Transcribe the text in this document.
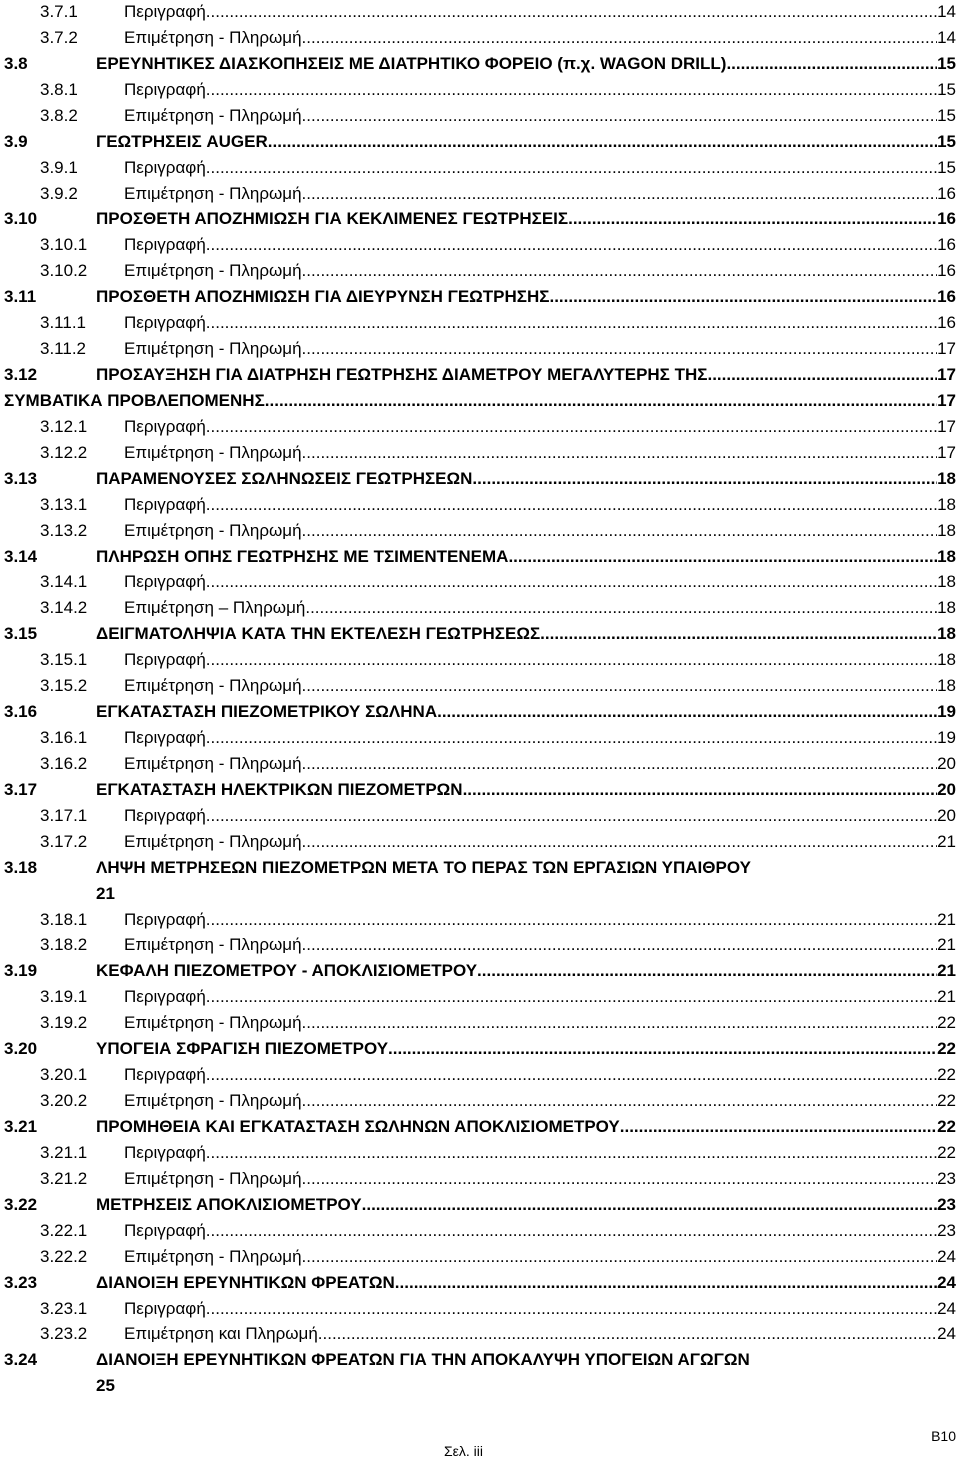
3.7.1	Περιγραφή .....	14
3.7.2	Επιμέτρηση - Πληρωμή .....	14
3.8	ΕΡΕΥΝΗΤΙΚΕΣ ΔΙΑΣΚΟΠΗΣΕΙΣ ΜΕ ΔΙΑΤΡΗΤΙΚΟ ΦΟΡΕΙΟ (π.χ. WAGON DRILL) .....	15
3.8.1	Περιγραφή .....	15
3.8.2	Επιμέτρηση - Πληρωμή .....	15
3.9	ΓΕΩΤΡΗΣΕΙΣ AUGER .....	15
3.9.1	Περιγραφή .....	15
3.9.2	Επιμέτρηση - Πληρωμή .....	16
3.10	ΠΡΟΣΘΕΤΗ ΑΠΟΖΗΜΙΩΣΗ ΓΙΑ ΚΕΚΛΙΜΕΝΕΣ ΓΕΩΤΡΗΣΕΙΣ .....	16
3.10.1 Περιγραφή .....	16
3.10.2 Επιμέτρηση - Πληρωμή .....	16
3.11	ΠΡΟΣΘΕΤΗ ΑΠΟΖΗΜΙΩΣΗ ΓΙΑ ΔΙΕΥΡΥΝΣΗ ΓΕΩΤΡΗΣΗΣ .....	16
3.11.1 Περιγραφή .....	16
3.11.2 Επιμέτρηση - Πληρωμή .....	17
3.12	ΠΡΟΣΑΥΞΗΣΗ ΓΙΑ ΔΙΑΤΡΗΣΗ ΓΕΩΤΡΗΣΗΣ ΔΙΑΜΕΤΡΟΥ ΜΕΓΑΛΥΤΕΡΗΣ ΤΗΣ .....	17
ΣΥΜΒΑΤΙΚΑ ΠΡΟΒΛΕΠΟΜΕΝΗΣ .....	17
3.12.1 Περιγραφή .....	17
3.12.2 Επιμέτρηση - Πληρωμή .....	17
3.13	ΠΑΡΑΜΕΝΟΥΣΕΣ ΣΩΛΗΝΩΣΕΙΣ ΓΕΩΤΡΗΣΕΩΝ .....	18
3.13.1 Περιγραφή .....	18
3.13.2 Επιμέτρηση - Πληρωμή .....	18
3.14	ΠΛΗΡΩΣΗ ΟΠΗΣ ΓΕΩΤΡΗΣΗΣ ΜΕ ΤΣΙΜΕΝΤΕΝΕΜΑ .....	18
3.14.1 Περιγραφή .....	18
3.14.2 Επιμέτρηση – Πληρωμή .....	18
3.15	ΔΕΙΓΜΑΤΟΛΗΨΙΑ ΚΑΤΑ ΤΗΝ ΕΚΤΕΛΕΣΗ ΓΕΩΤΡΗΣΕΩΣ .....	18
3.15.1 Περιγραφή .....	18
3.15.2 Επιμέτρηση - Πληρωμή .....	18
3.16	ΕΓΚΑΤΑΣΤΑΣΗ ΠΙΕΖΟΜΕΤΡΙΚΟΥ ΣΩΛΗΝΑ .....	19
3.16.1 Περιγραφή .....	19
3.16.2 Επιμέτρηση - Πληρωμή .....	20
3.17	ΕΓΚΑΤΑΣΤΑΣΗ ΗΛΕΚΤΡΙΚΩΝ ΠΙΕΖΟΜΕΤΡΩΝ .....	20
3.17.1 Περιγραφή .....	20
3.17.2 Επιμέτρηση - Πληρωμή .....	21
3.18	ΛΗΨΗ ΜΕΤΡΗΣΕΩΝ ΠΙΕΖΟΜΕΤΡΩΝ ΜΕΤΑ ΤΟ ΠΕΡΑΣ ΤΩΝ ΕΡΓΑΣΙΩΝ ΥΠΑΙΘΡΟΥ
21
3.18.1 Περιγραφή .....	21
3.18.2 Επιμέτρηση - Πληρωμή .....	21
3.19	ΚΕΦΑΛΗ ΠΙΕΖΟΜΕΤΡΟΥ - ΑΠΟΚΛΙΣΙΟΜΕΤΡΟΥ .....	21
3.19.1 Περιγραφή .....	21
3.19.2 Επιμέτρηση - Πληρωμή .....	22
3.20	ΥΠΟΓΕΙΑ ΣΦΡΑΓΙΣΗ ΠΙΕΖΟΜΕΤΡΟΥ .....	22
3.20.1 Περιγραφή .....	22
3.20.2 Επιμέτρηση - Πληρωμή .....	22
3.21	ΠΡΟΜΗΘΕΙΑ ΚΑΙ ΕΓΚΑΤΑΣΤΑΣΗ ΣΩΛΗΝΩΝ ΑΠΟΚΛΙΣΙΟΜΕΤΡΟΥ .....	22
3.21.1 Περιγραφή .....	22
3.21.2 Επιμέτρηση - Πληρωμή .....	23
3.22	ΜΕΤΡΗΣΕΙΣ ΑΠΟΚΛΙΣΙΟΜΕΤΡΟΥ .....	23
3.22.1 Περιγραφή .....	23
3.22.2 Επιμέτρηση - Πληρωμή .....	24
3.23	ΔΙΑΝΟΙΞΗ ΕΡΕΥΝΗΤΙΚΩΝ ΦΡΕΑΤΩΝ .....	24
3.23.1 Περιγραφή .....	24
3.23.2 Επιμέτρηση και Πληρωμή .....	24
3.24	ΔΙΑΝΟΙΞΗ ΕΡΕΥΝΗΤΙΚΩΝ ΦΡΕΑΤΩΝ ΓΙΑ ΤΗΝ ΑΠΟΚΑΛΥΨΗ ΥΠΟΓΕΙΩΝ ΑΓΩΓΩΝ
25
Σελ. iii
B10
